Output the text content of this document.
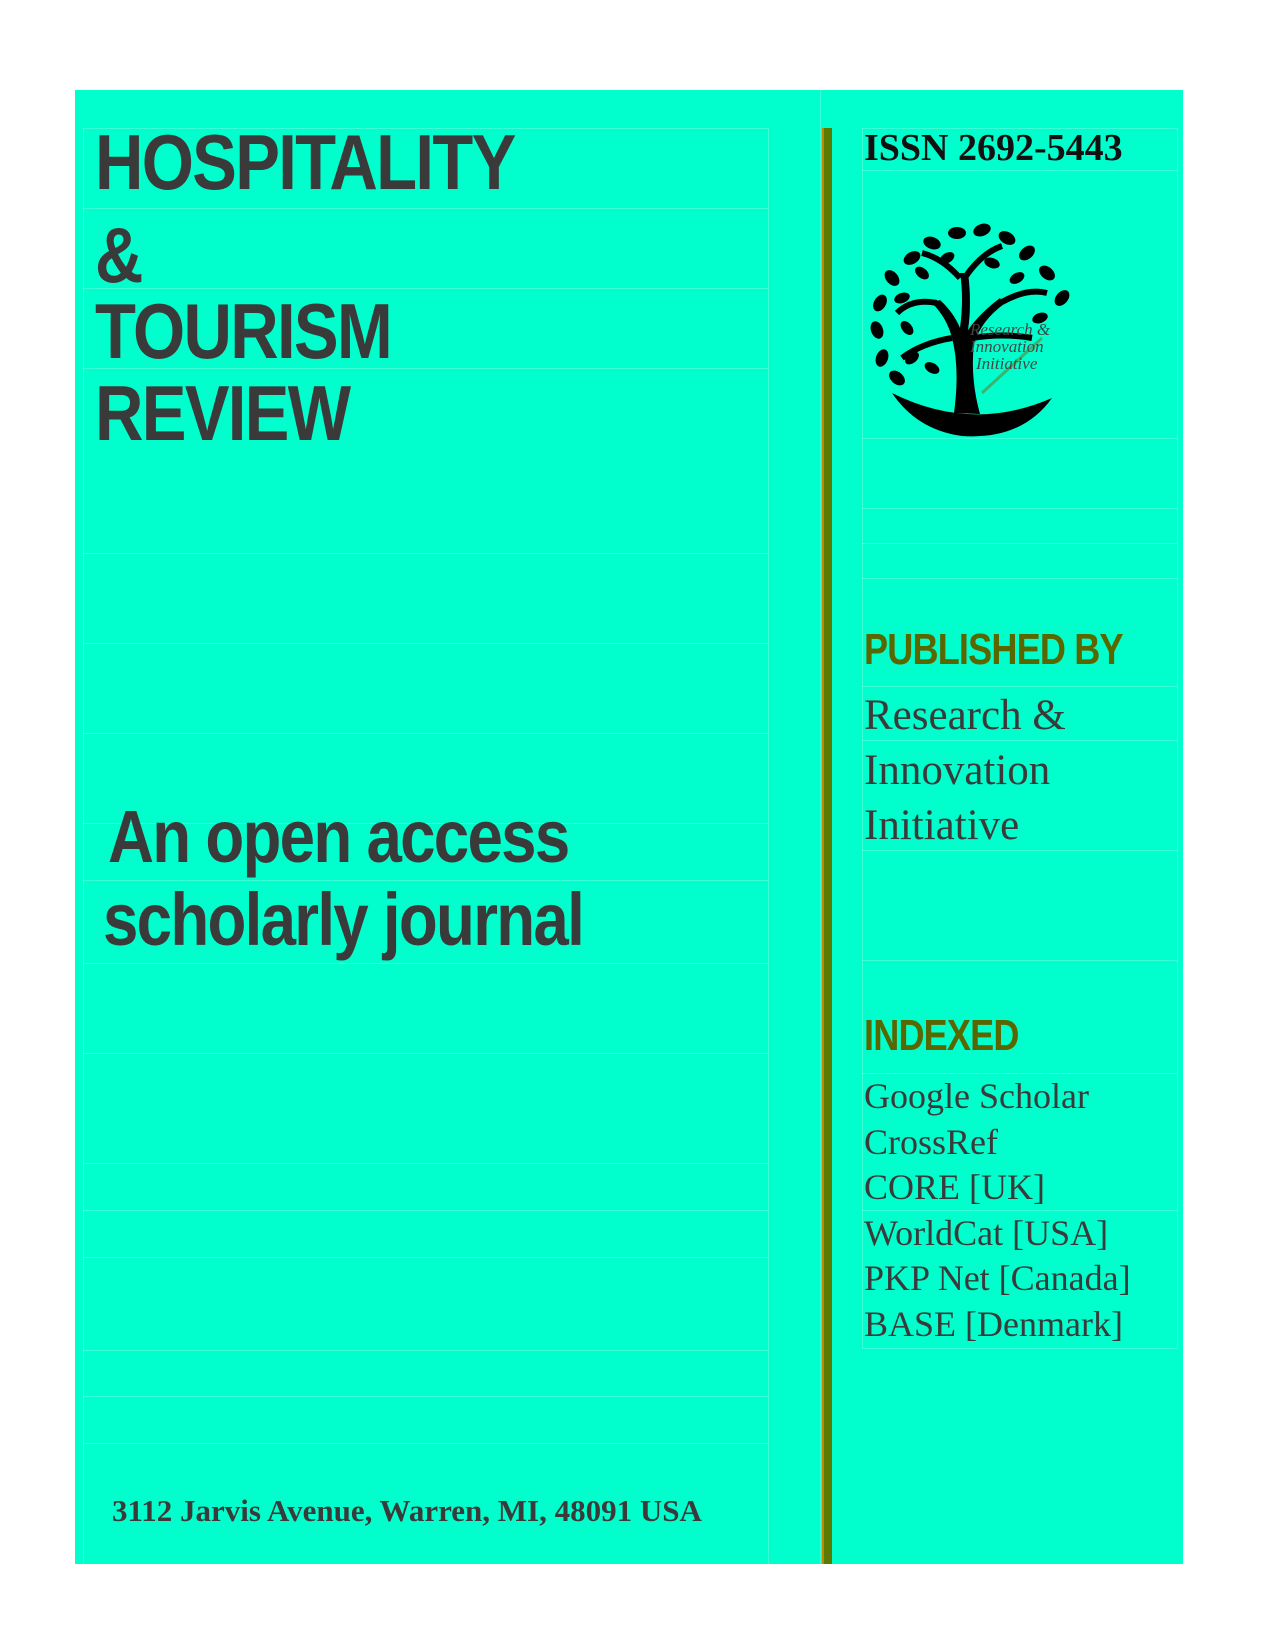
HOSPITALITY
&
TOURISM
REVIEW
An open access
scholarly journal
3112 Jarvis Avenue, Warren, MI, 48091 USA
ISSN 2692-5443
Research &
Innovation
Initiative
PUBLISHED BY
Research &
Innovation
Initiative
INDEXED
Google Scholar
CrossRef
CORE [UK]
WorldCat [USA]
PKP Net [Canada]
BASE [Denmark]
